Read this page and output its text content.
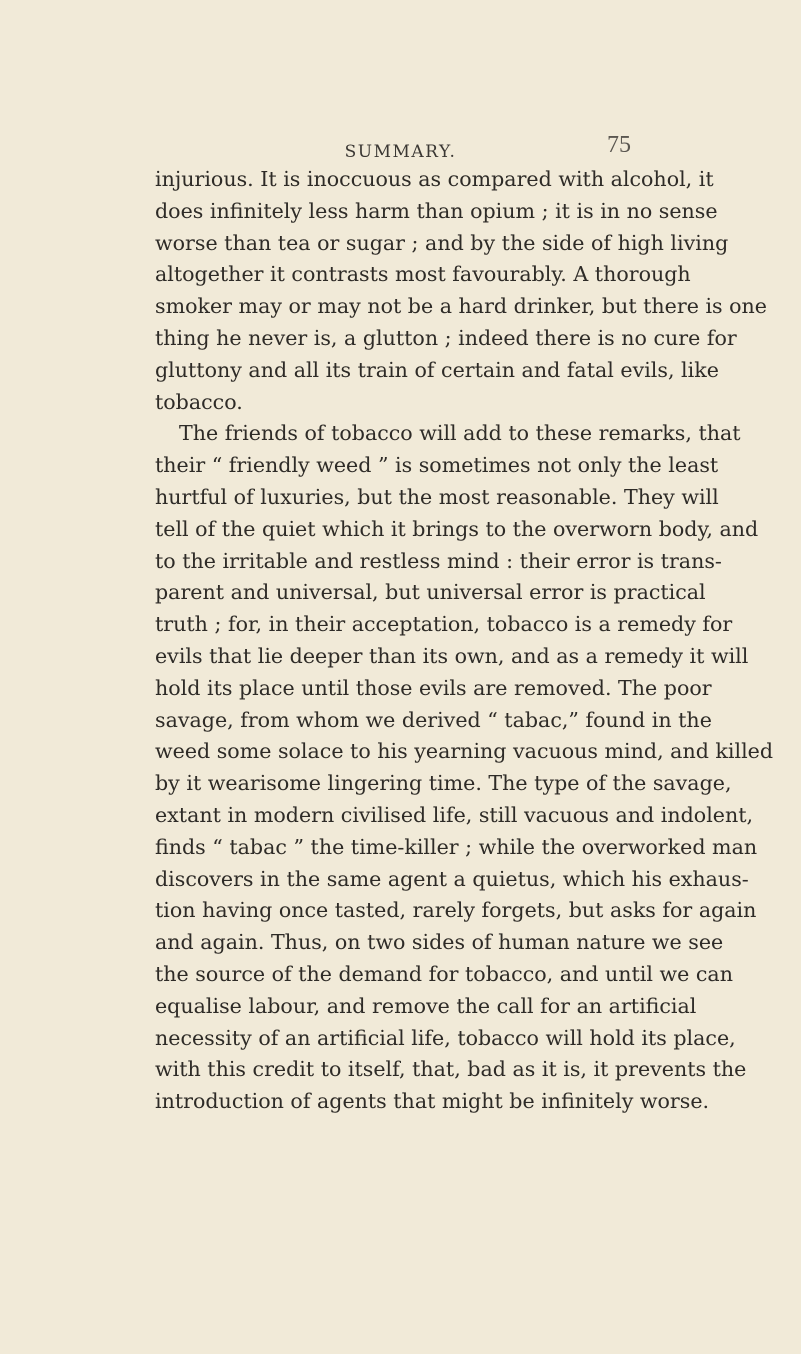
SUMMARY.	75
injurious. It is inoccuous as compared with alcohol, it
does infinitely less harm than opium ; it is in no sense
worse than tea or sugar ; and by the side of high living
altogether it contrasts most favourably. A thorough
smoker may or may not be a hard drinker, but there is one
thing he never is, a glutton ; indeed there is no cure for
gluttony and all its train of certain and fatal evils, like
tobacco.
The friends of tobacco will add to these remarks, that
their “ friendly weed ” is sometimes not only the least
hurtful of luxuries, but the most reasonable. They will
tell of the quiet which it brings to the overworn body, and
to the irritable and restless mind : their error is trans-
parent and universal, but universal error is practical
truth ; for, in their acceptation, tobacco is a remedy for
evils that lie deeper than its own, and as a remedy it will
hold its place until those evils are removed. The poor
savage, from whom we derived “ tabac,” found in the
weed some solace to his yearning vacuous mind, and killed
by it wearisome lingering time. The type of the savage,
extant in modern civilised life, still vacuous and indolent,
finds “ tabac ” the time-killer ; while the overworked man
discovers in the same agent a quietus, which his exhaus-
tion having once tasted, rarely forgets, but asks for again
and again. Thus, on two sides of human nature we see
the source of the demand for tobacco, and until we can
equalise labour, and remove the call for an artificial
necessity of an artificial life, tobacco will hold its place,
with this credit to itself, that, bad as it is, it prevents the
introduction of agents that might be infinitely worse.
